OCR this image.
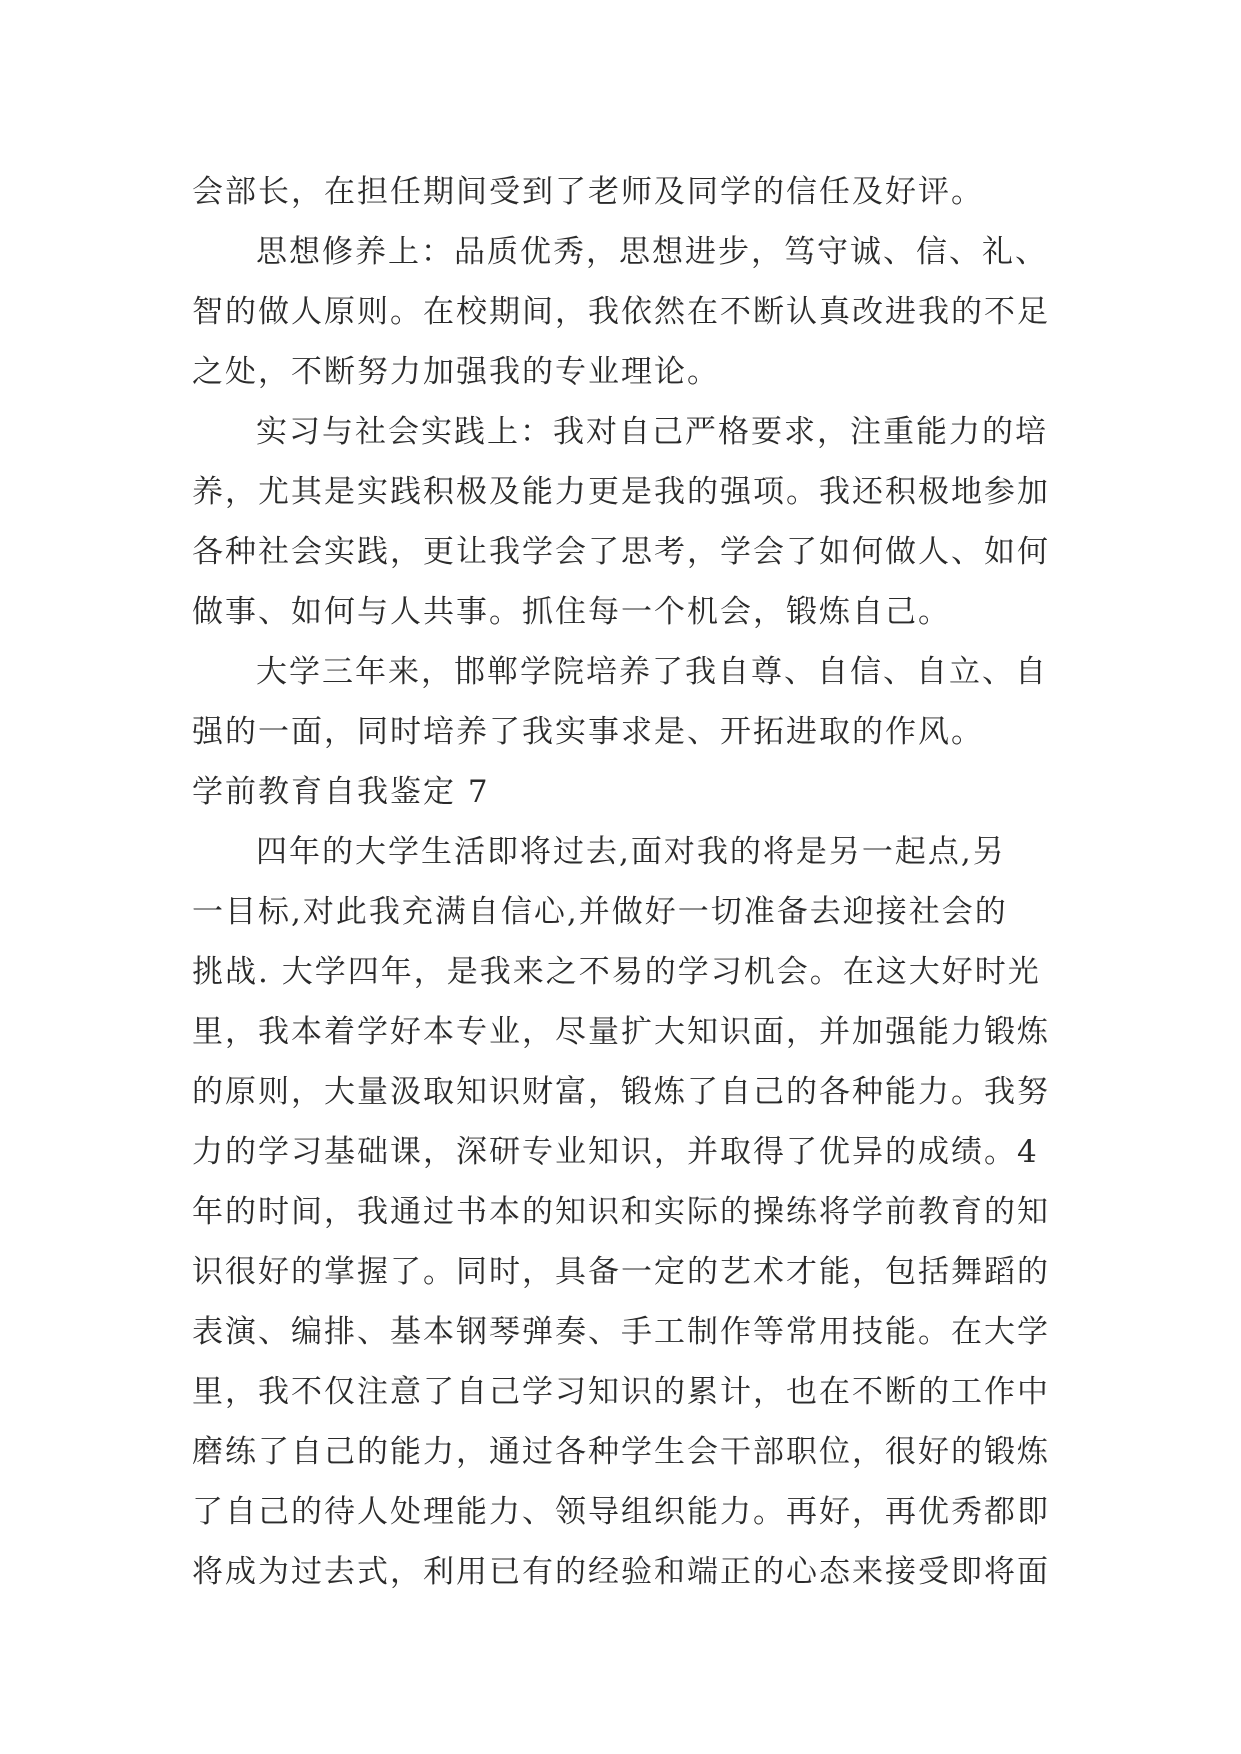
会部长，在担任期间受到了老师及同学的信任及好评。
思想修养上：品质优秀，思想进步，笃守诚、信、礼、
智的做人原则。在校期间，我依然在不断认真改进我的不足
之处，不断努力加强我的专业理论。
实习与社会实践上：我对自己严格要求，注重能力的培
养，尤其是实践积极及能力更是我的强项。我还积极地参加
各种社会实践，更让我学会了思考，学会了如何做人、如何
做事、如何与人共事。抓住每一个机会，锻炼自己。
大学三年来，邯郸学院培养了我自尊、自信、自立、自
强的一面，同时培养了我实事求是、开拓进取的作风。
学前教育自我鉴定 7
四年的大学生活即将过去,面对我的将是另一起点,另
一目标,对此我充满自信心,并做好一切准备去迎接社会的
挑战. 大学四年，是我来之不易的学习机会。在这大好时光
里，我本着学好本专业，尽量扩大知识面，并加强能力锻炼
的原则，大量汲取知识财富，锻炼了自己的各种能力。我努
力的学习基础课，深研专业知识，并取得了优异的成绩。4
年的时间，我通过书本的知识和实际的操练将学前教育的知
识很好的掌握了。同时，具备一定的艺术才能，包括舞蹈的
表演、编排、基本钢琴弹奏、手工制作等常用技能。在大学
里，我不仅注意了自己学习知识的累计，也在不断的工作中
磨练了自己的能力，通过各种学生会干部职位，很好的锻炼
了自己的待人处理能力、领导组织能力。再好，再优秀都即
将成为过去式，利用已有的经验和端正的心态来接受即将面
